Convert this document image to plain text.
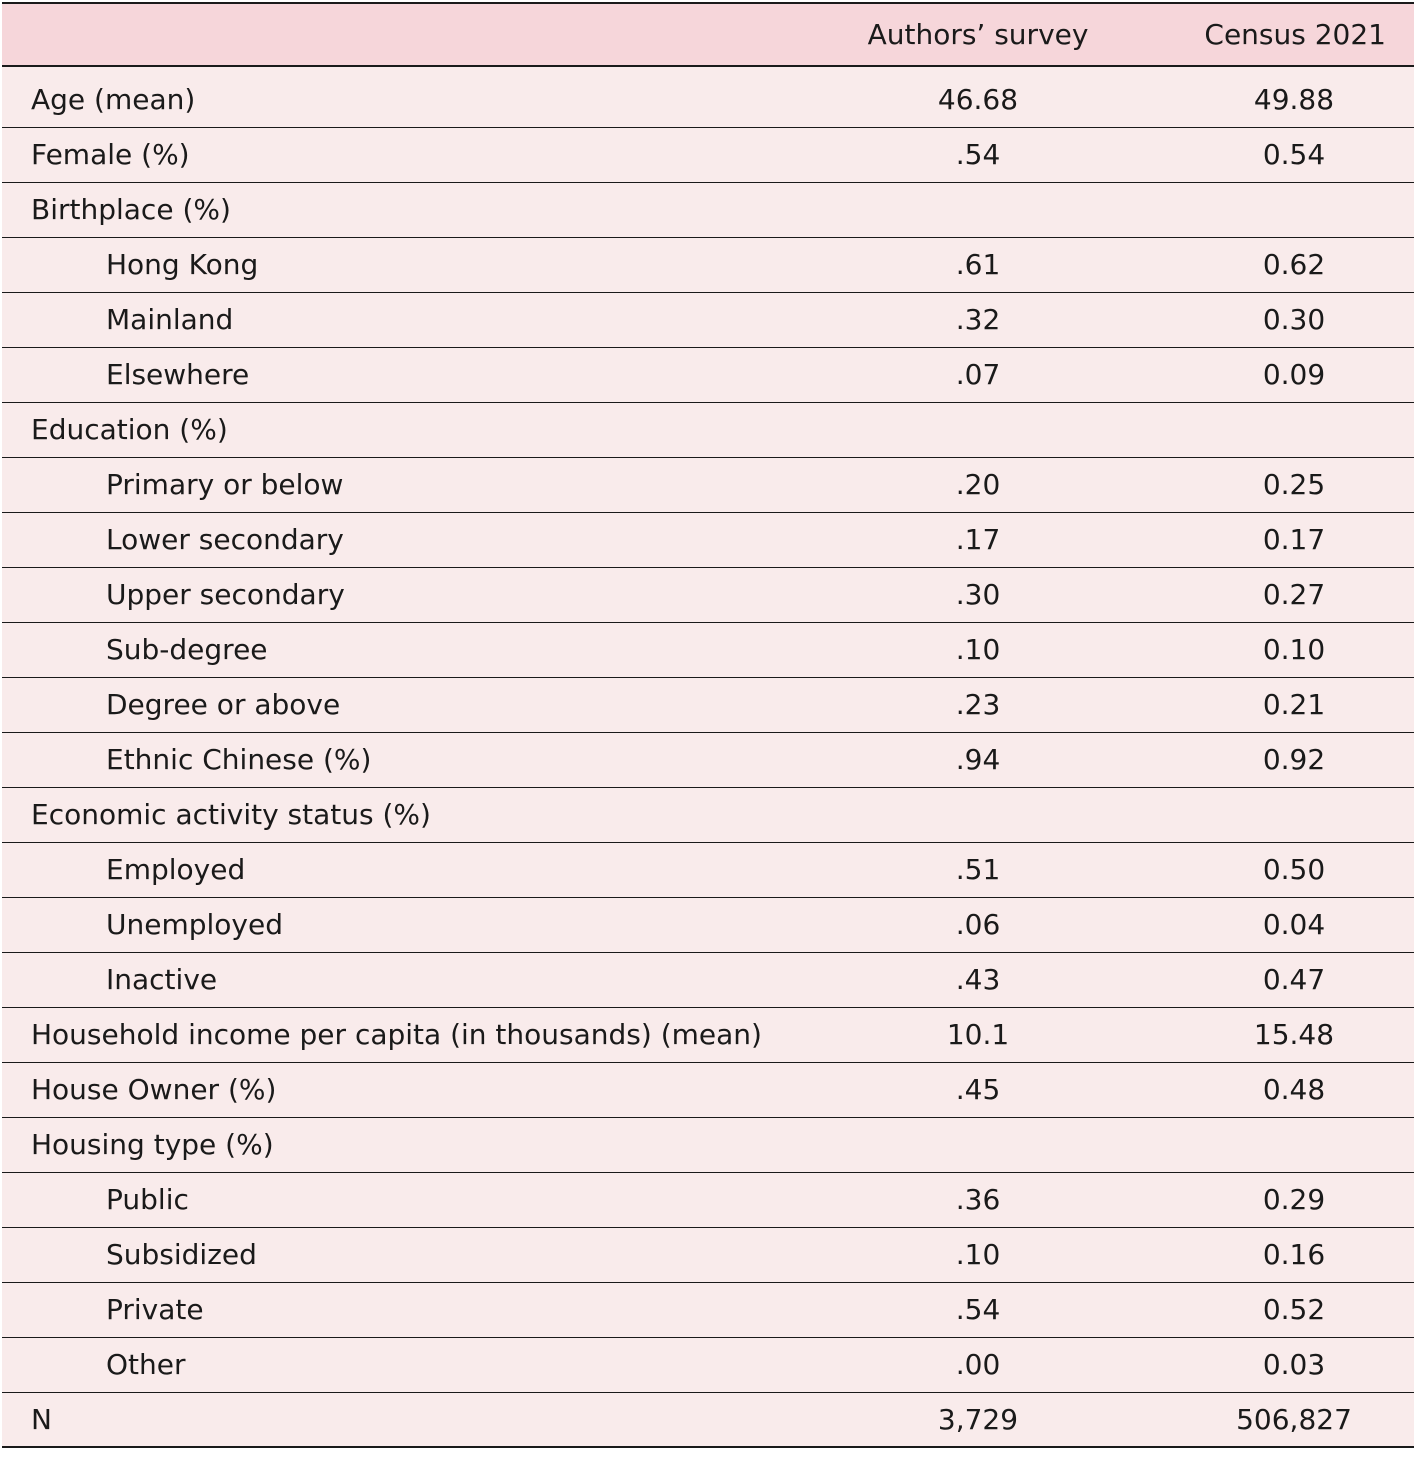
	Authors’ survey	Census 2021
Age (mean)	46.68	49.88
Female (%)	.54	0.54
Birthplace (%)		
Hong Kong	.61	0.62
Mainland	.32	0.30
Elsewhere	.07	0.09
Education (%)		
Primary or below	.20	0.25
Lower secondary	.17	0.17
Upper secondary	.30	0.27
Sub-degree	.10	0.10
Degree or above	.23	0.21
Ethnic Chinese (%)	.94	0.92
Economic activity status (%)		
Employed	.51	0.50
Unemployed	.06	0.04
Inactive	.43	0.47
Household income per capita (in thousands) (mean)	10.1	15.48
House Owner (%)	.45	0.48
Housing type (%)		
Public	.36	0.29
Subsidized	.10	0.16
Private	.54	0.52
Other	.00	0.03
N	3,729	506,827
